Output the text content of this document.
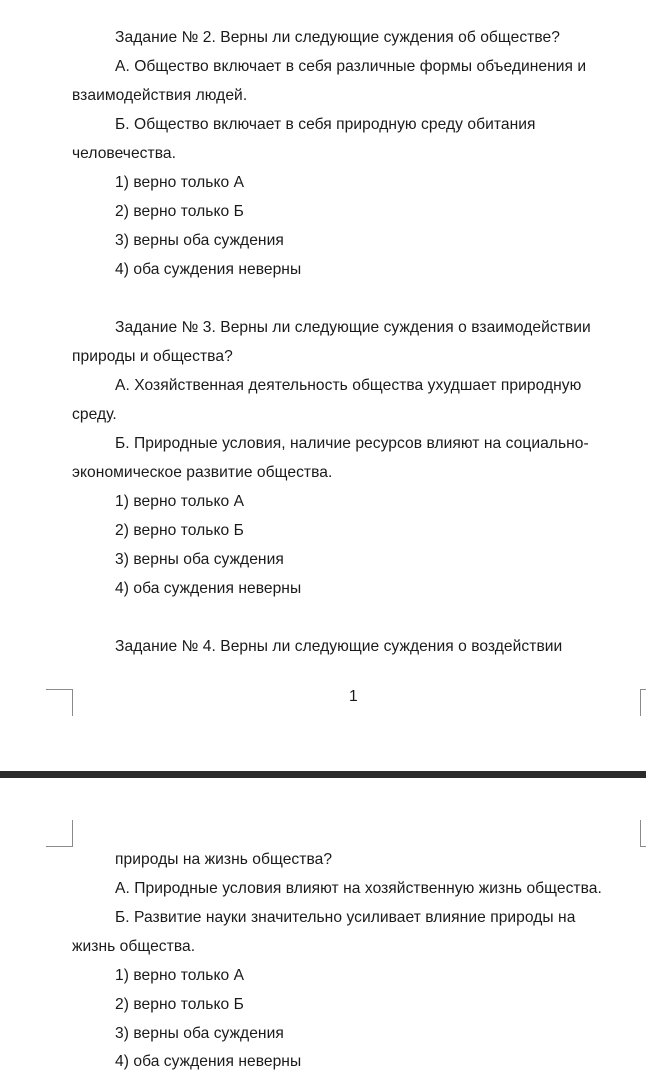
Задание № 2. Верны ли следующие суждения об обществе?
А. Общество включает в себя различные формы объединения и
взаимодействия людей.
Б. Общество включает в себя природную среду обитания
человечества.
1) верно только А
2) верно только Б
3) верны оба суждения
4) оба суждения неверны
Задание № 3. Верны ли следующие суждения о взаимодействии
природы и общества?
А. Хозяйственная деятельность общества ухудшает природную
среду.
Б. Природные условия, наличие ресурсов влияют на социально-
экономическое развитие общества.
1) верно только А
2) верно только Б
3) верны оба суждения
4) оба суждения неверны
Задание № 4. Верны ли следующие суждения о воздействии
1
природы на жизнь общества?
А. Природные условия влияют на хозяйственную жизнь общества.
Б. Развитие науки значительно усиливает влияние природы на
жизнь общества.
1) верно только А
2) верно только Б
3) верны оба суждения
4) оба суждения неверны
